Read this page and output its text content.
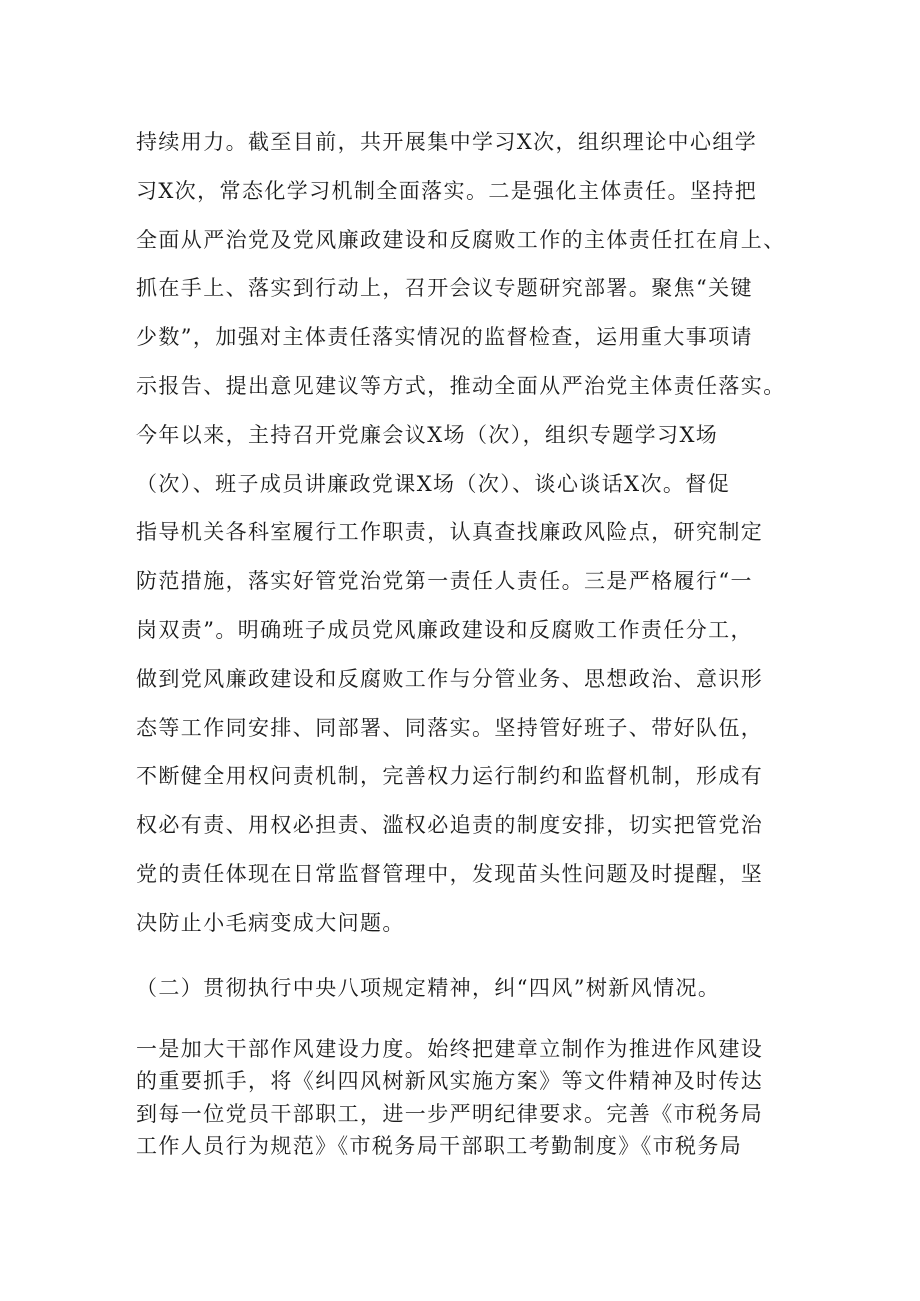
持续用力。截至目前，共开展集中学习X次，组织理论中心组学
习X次，常态化学习机制全面落实。二是强化主体责任。坚持把
全面从严治党及党风廉政建设和反腐败工作的主体责任扛在肩上、
抓在手上、落实到行动上，召开会议专题研究部署。聚焦“关键
少数”，加强对主体责任落实情况的监督检查，运用重大事项请
示报告、提出意见建议等方式，推动全面从严治党主体责任落实。
今年以来，主持召开党廉会议X场（次），组织专题学习X场
（次）、班子成员讲廉政党课X场（次）、谈心谈话X次。督促
指导机关各科室履行工作职责，认真查找廉政风险点，研究制定
防范措施，落实好管党治党第一责任人责任。三是严格履行“一
岗双责”。明确班子成员党风廉政建设和反腐败工作责任分工，
做到党风廉政建设和反腐败工作与分管业务、思想政治、意识形
态等工作同安排、同部署、同落实。坚持管好班子、带好队伍，
不断健全用权问责机制，完善权力运行制约和监督机制，形成有
权必有责、用权必担责、滥权必追责的制度安排，切实把管党治
党的责任体现在日常监督管理中，发现苗头性问题及时提醒，坚
决防止小毛病变成大问题。
（二）贯彻执行中央八项规定精神，纠“四风”树新风情况。
一是加大干部作风建设力度。始终把建章立制作为推进作风建设
的重要抓手，将《纠四风树新风实施方案》等文件精神及时传达
到每一位党员干部职工，进一步严明纪律要求。完善《市税务局
工作人员行为规范》《市税务局干部职工考勤制度》《市税务局
